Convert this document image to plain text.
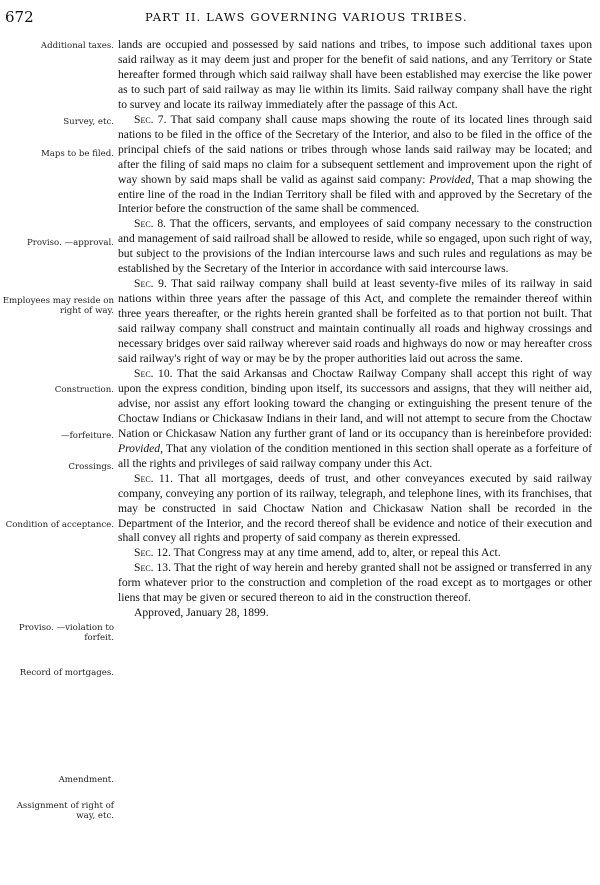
672	PART II. LAWS GOVERNING VARIOUS TRIBES.
Additional taxes.
Survey, etc.
Maps to be filed.
Proviso. —approval.
Employees may reside on right of way.
Construction.
—forfeiture.
Crossings.
Condition of acceptance.
Proviso. —violation to forfeit.
Record of mortgages.
Amendment.
Assignment of right of way, etc.

lands are occupied and possessed by said nations and tribes, to impose such additional taxes upon said railway as it may deem just and proper for the benefit of said nations, and any Territory or State hereafter formed through which said railway shall have been established may exercise the like power as to such part of said railway as may lie within its limits. Said railway company shall have the right to survey and locate its railway immediately after the passage of this Act.

Sec. 7. That said company shall cause maps showing the route of its located lines through said nations to be filed in the office of the Secretary of the Interior, and also to be filed in the office of the principal chiefs of the said nations or tribes through whose lands said railway may be located; and after the filing of said maps no claim for a subsequent settlement and improvement upon the right of way shown by said maps shall be valid as against said company: Provided, That a map showing the entire line of the road in the Indian Territory shall be filed with and approved by the Secretary of the Interior before the construction of the same shall be commenced.

Sec. 8. That the officers, servants, and employees of said company necessary to the construction and management of said railroad shall be allowed to reside, while so engaged, upon such right of way, but subject to the provisions of the Indian intercourse laws and such rules and regulations as may be established by the Secretary of the Interior in accordance with said intercourse laws.

Sec. 9. That said railway company shall build at least seventy-five miles of its railway in said nations within three years after the passage of this Act, and complete the remainder thereof within three years thereafter, or the rights herein granted shall be forfeited as to that portion not built. That said railway company shall construct and maintain continually all roads and highway crossings and necessary bridges over said railway wherever said roads and highways do now or may hereafter cross said railway's right of way or may be by the proper authorities laid out across the same.

Sec. 10. That the said Arkansas and Choctaw Railway Company shall accept this right of way upon the express condition, binding upon itself, its successors and assigns, that they will neither aid, advise, nor assist any effort looking toward the changing or extinguishing the present tenure of the Choctaw Indians or Chickasaw Indians in their land, and will not attempt to secure from the Choctaw Nation or Chickasaw Nation any further grant of land or its occupancy than is hereinbefore provided: Provided, That any violation of the condition mentioned in this section shall operate as a forfeiture of all the rights and privileges of said railway company under this Act.

Sec. 11. That all mortgages, deeds of trust, and other conveyances executed by said railway company, conveying any portion of its railway, telegraph, and telephone lines, with its franchises, that may be constructed in said Choctaw Nation and Chickasaw Nation shall be recorded in the Department of the Interior, and the record thereof shall be evidence and notice of their execution and shall convey all rights and property of said company as therein expressed.

Sec. 12. That Congress may at any time amend, add to, alter, or repeal this Act.

Sec. 13. That the right of way herein and hereby granted shall not be assigned or transferred in any form whatever prior to the construction and completion of the road except as to mortgages or other liens that may be given or secured thereon to aid in the construction thereof.

Approved, January 28, 1899.
